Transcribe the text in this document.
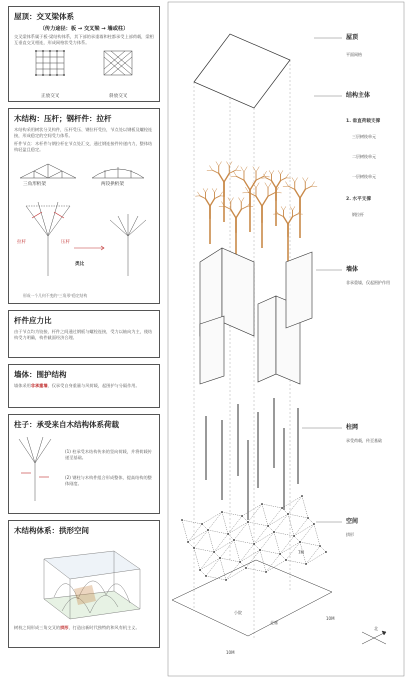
屋顶：交叉梁体系
（传力途径：板 → 交叉梁 → 墙或柱）
交叉梁体系属于板-梁结构体系，其下部的承重墙和柱都承受上部荷载，梁相互垂直交叉相连，形成网格状受力体系。
正放交叉	斜放交叉
木结构：压杆；钢杆件：拉杆
木结构采用树状分叉构件，压杆受压、钢拉杆受拉，节点处以钢板及螺栓连接，形成稳定的空间受力体系。
杆件节点：木杆件与钢拉杆在节点处汇交，通过钢连接件传递内力，整体结构轻盈且稳定。
三角形桁架	两铰拱桁架
拉杆	压杆
类比
形成一个几何不变的"三角形"稳定结构
杆件应力比
由于节点均为铰接，杆件之间通过钢板与螺栓连接，受力以轴向为主，使结构受力明确，构件截面经济合理。
墙体：围护结构
墙体采用非承重墙，仅承受自身重量与风荷载，起围护与分隔作用。
柱子：承受来自木结构体系荷载
(1) 柱承受木结构传来的竖向荷载，并将荷载传递至基础。
(2) 钢柱与木构件组合形成整体，提高结构的整体刚度。
木结构体系：拱形空间
树枝之间形成三角交叉的拱形，打造出新时代独特的和风有机主义。
屋顶
平面网格
结构主体
1. 垂直荷载支撑
三层树枝单元
二层树枝单元
一层树枝单元
2. 水平支撑
钢拉杆
墙体
非承重墙，仅起围护作用
柱网
承受荷载，传至基础
空间
拱形
7M
小院
走廊
10M
10M
北
